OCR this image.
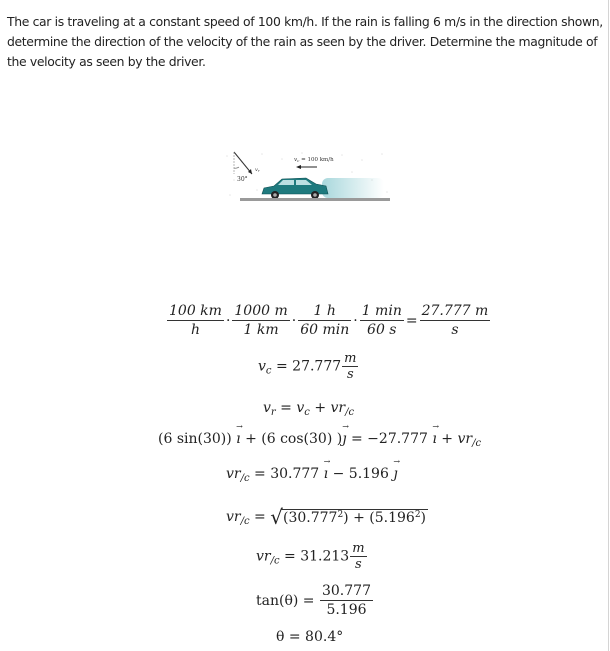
The car is traveling at a constant speed of 100 km/h. If the rain is falling 6 m/s in the direction shown, determine the direction of the velocity of the rain as seen by the driver. Determine the magnitude of the velocity as seen by the driver.

30°
$v_r$
vc = 100 km/h
$\frac{100 km}{h} \cdot \frac{1000 m}{1 km} \cdot \frac{1 h}{60 \min} \cdot \frac{1 \min}{60 s} = \frac{27.777 m}{s}$
$v_c = 27.777 \frac{m}{s}$
$v_r = v_c + vr_{/c}$
(6 sin(30)) → ı + (6 cos(30) )→ ȷ = −27.777 → ı + $vr_{/c}$
$vr_{/c} = 30.777$ → ı − 5.196 → ȷ
$vr_{/c} = √(30.777^2) + (5.196^2)$
$vr_{/c} = 31.213 \frac{m}{s}$
$\tan(\theta) = \frac{30.777}{5.196}$
θ = 80.4°
